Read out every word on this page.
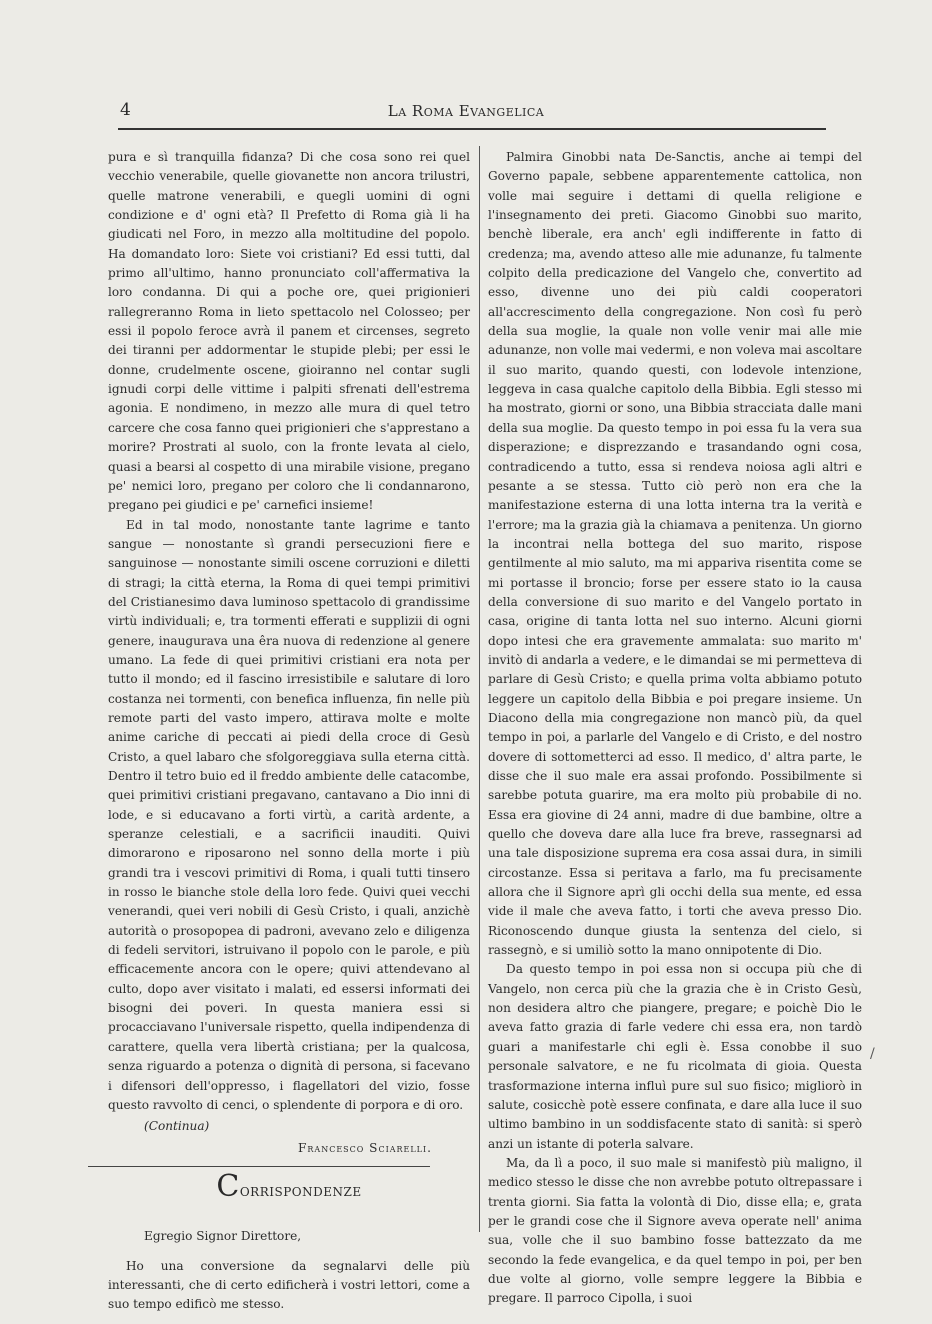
4	La Roma Evangelica

pura e sì tranquilla fidanza? Di che cosa sono rei quel vecchio venerabile, quelle giovanette non ancora trilustri, quelle matrone venerabili, e quegli uomini di ogni condizione e d' ogni età? Il Prefetto di Roma già li ha giudicati nel Foro, in mezzo alla moltitudine del popolo. Ha domandato loro: Siete voi cristiani? Ed essi tutti, dal primo all'ultimo, hanno pronunciato coll'affermativa la loro condanna. Di qui a poche ore, quei prigionieri rallegreranno Roma in lieto spettacolo nel Colosseo; per essi il popolo feroce avrà il panem et circenses, segreto dei tiranni per addormentar le stupide plebi; per essi le donne, crudelmente oscene, gioiranno nel contar sugli ignudi corpi delle vittime i palpiti sfrenati dell'estrema agonia. E nondimeno, in mezzo alle mura di quel tetro carcere che cosa fanno quei prigionieri che s'apprestano a morire? Prostrati al suolo, con la fronte levata al cielo, quasi a bearsi al cospetto di una mirabile visione, pregano pe' nemici loro, pregano per coloro che li condannarono, pregano pei giudici e pe' carnefici insieme!

Ed in tal modo, nonostante tante lagrime e tanto sangue — nonostante sì grandi persecuzioni fiere e sanguinose — nonostante simili oscene corruzioni e diletti di stragi; la città eterna, la Roma di quei tempi primitivi del Cristianesimo dava luminoso spettacolo di grandissime virtù individuali; e, tra tormenti efferati e supplizii di ogni genere, inaugurava una êra nuova di redenzione al genere umano. La fede di quei primitivi cristiani era nota per tutto il mondo; ed il fascino irresistibile e salutare di loro costanza nei tormenti, con benefica influenza, fin nelle più remote parti del vasto impero, attirava molte e molte anime cariche di peccati ai piedi della croce di Gesù Cristo, a quel labaro che sfolgoreggiava sulla eterna città. Dentro il tetro buio ed il freddo ambiente delle catacombe, quei primitivi cristiani pregavano, cantavano a Dio inni di lode, e si educavano a forti virtù, a carità ardente, a speranze celestiali, e a sacrificii inauditi. Quivi dimorarono e riposarono nel sonno della morte i più grandi tra i vescovi primitivi di Roma, i quali tutti tinsero in rosso le bianche stole della loro fede. Quivi quei vecchi venerandi, quei veri nobili di Gesù Cristo, i quali, anzichè autorità o prosopopea di padroni, avevano zelo e diligenza di fedeli servitori, istruivano il popolo con le parole, e più efficacemente ancora con le opere; quivi attendevano al culto, dopo aver visitato i malati, ed essersi informati dei bisogni dei poveri. In questa maniera essi si procacciavano l'universale rispetto, quella indipendenza di carattere, quella vera libertà cristiana; per la qualcosa, senza riguardo a potenza o dignità di persona, si facevano i difensori dell'oppresso, i flagellatori del vizio, fosse questo ravvolto di cenci, o splendente di porpora e di oro.

(Continua)
Francesco Sciarelli.
Corrispondenze

Egregio Signor Direttore,

Ho una conversione da segnalarvi delle più interessanti, che di certo edificherà i vostri lettori, come a suo tempo edificò me stesso.

Palmira Ginobbi nata De-Sanctis, anche ai tempi del Governo papale, sebbene apparentemente cattolica, non volle mai seguire i dettami di quella religione e l'insegnamento dei preti. Giacomo Ginobbi suo marito, benchè liberale, era anch' egli indifferente in fatto di credenza; ma, avendo atteso alle mie adunanze, fu talmente colpito della predicazione del Vangelo che, convertito ad esso, divenne uno dei più caldi cooperatori all'accrescimento della congregazione. Non così fu però della sua moglie, la quale non volle venir mai alle mie adunanze, non volle mai vedermi, e non voleva mai ascoltare il suo marito, quando questi, con lodevole intenzione, leggeva in casa qualche capitolo della Bibbia. Egli stesso mi ha mostrato, giorni or sono, una Bibbia stracciata dalle mani della sua moglie. Da questo tempo in poi essa fu la vera sua disperazione; e disprezzando e trasandando ogni cosa, contradicendo a tutto, essa si rendeva noiosa agli altri e pesante a se stessa. Tutto ciò però non era che la manifestazione esterna di una lotta interna tra la verità e l'errore; ma la grazia già la chiamava a penitenza. Un giorno la incontrai nella bottega del suo marito, rispose gentilmente al mio saluto, ma mi appariva risentita come se mi portasse il broncio; forse per essere stato io la causa della conversione di suo marito e del Vangelo portato in casa, origine di tanta lotta nel suo interno. Alcuni giorni dopo intesi che era gravemente ammalata: suo marito m' invitò di andarla a vedere, e le dimandai se mi permetteva di parlare di Gesù Cristo; e quella prima volta abbiamo potuto leggere un capitolo della Bibbia e poi pregare insieme. Un Diacono della mia congregazione non mancò più, da quel tempo in poi, a parlarle del Vangelo e di Cristo, e del nostro dovere di sottometterci ad esso. Il medico, d' altra parte, le disse che il suo male era assai profondo. Possibilmente si sarebbe potuta guarire, ma era molto più probabile di no. Essa era giovine di 24 anni, madre di due bambine, oltre a quello che doveva dare alla luce fra breve, rassegnarsi ad una tale disposizione suprema era cosa assai dura, in simili circostanze. Essa si peritava a farlo, ma fu precisamente allora che il Signore aprì gli occhi della sua mente, ed essa vide il male che aveva fatto, i torti che aveva presso Dio. Riconoscendo dunque giusta la sentenza del cielo, si rassegnò, e si umiliò sotto la mano onnipotente di Dio.

Da questo tempo in poi essa non si occupa più che di Vangelo, non cerca più che la grazia che è in Cristo Gesù, non desidera altro che piangere, pregare; e poichè Dio le aveva fatto grazia di farle vedere chi essa era, non tardò guari a manifestarle chi egli è. Essa conobbe il suo personale salvatore, e ne fu ricolmata di gioia. Questa trasformazione interna influì pure sul suo fisico; migliorò in salute, cosicchè potè essere confinata, e dare alla luce il suo ultimo bambino in un soddisfacente stato di sanità: si sperò anzi un istante di poterla salvare.

Ma, da lì a poco, il suo male si manifestò più maligno, il medico stesso le disse che non avrebbe potuto oltrepassare i trenta giorni. Sia fatta la volontà di Dio, disse ella; e, grata per le grandi cose che il Signore aveva operate nell' anima sua, volle che il suo bambino fosse battezzato da me secondo la fede evangelica, e da quel tempo in poi, per ben due volte al giorno, volle sempre leggere la Bibbia e pregare. Il parroco Cipolla, i suoi

/
